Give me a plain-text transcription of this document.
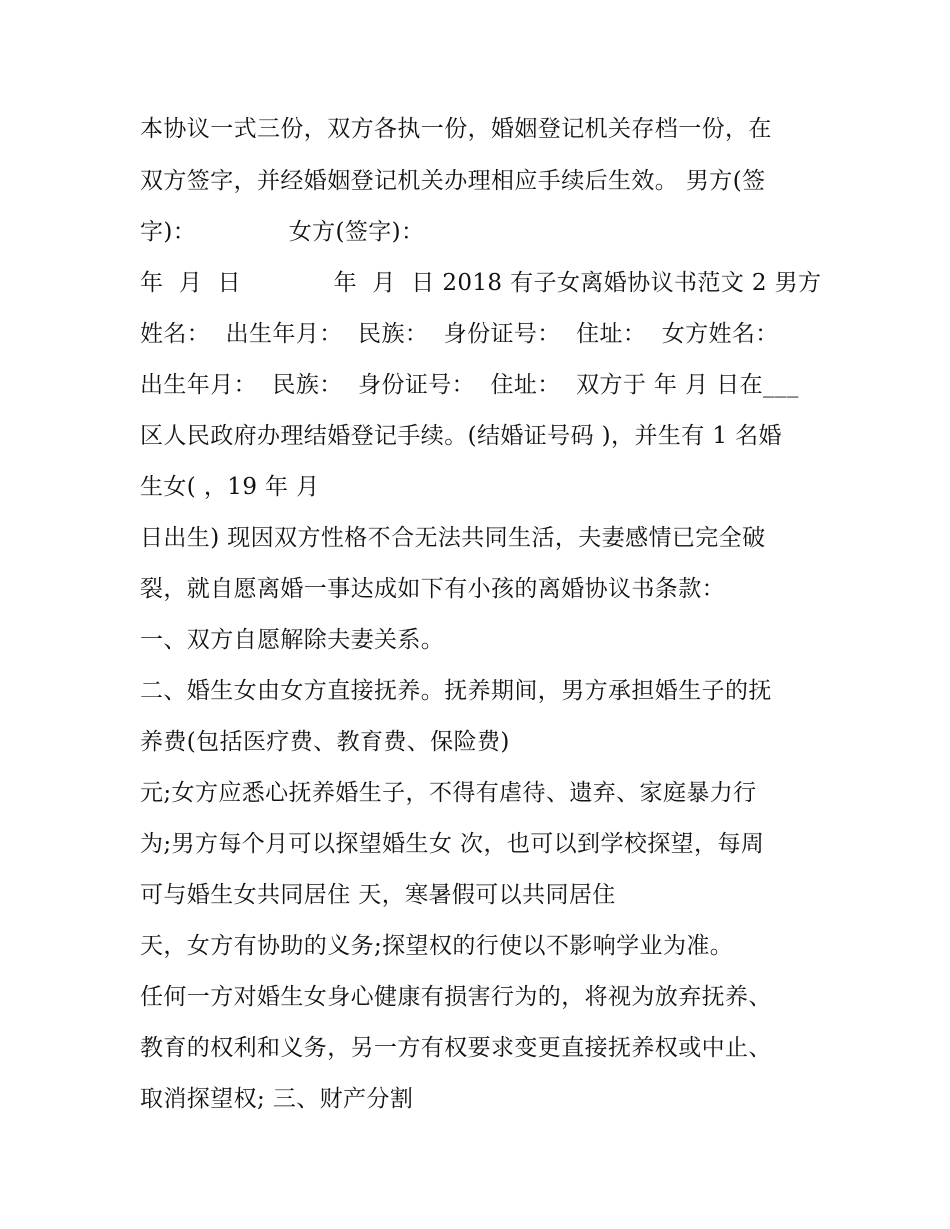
本协议一式三份，双方各执一份，婚姻登记机关存档一份，在
双方签字，并经婚姻登记机关办理相应手续后生效。 男方(签
字)：            女方(签字)：
年  月  日            年  月  日 2018 有子女离婚协议书范文 2 男方
姓名：  出生年月：  民族：  身份证号：  住址：  女方姓名：
出生年月：  民族：  身份证号：  住址：  双方于 年 月 日在___
区人民政府办理结婚登记手续。(结婚证号码 )，并生有 1 名婚
生女( ，19 年 月
日出生) 现因双方性格不合无法共同生活，夫妻感情已完全破
裂，就自愿离婚一事达成如下有小孩的离婚协议书条款：
一、双方自愿解除夫妻关系。
二、婚生女由女方直接抚养。抚养期间，男方承担婚生子的抚
养费(包括医疗费、教育费、保险费)
元;女方应悉心抚养婚生子，不得有虐待、遗弃、家庭暴力行
为;男方每个月可以探望婚生女 次，也可以到学校探望，每周
可与婚生女共同居住 天，寒暑假可以共同居住
天，女方有协助的义务;探望权的行使以不影响学业为准。
任何一方对婚生女身心健康有损害行为的，将视为放弃抚养、
教育的权利和义务，另一方有权要求变更直接抚养权或中止、
取消探望权; 三、财产分割
